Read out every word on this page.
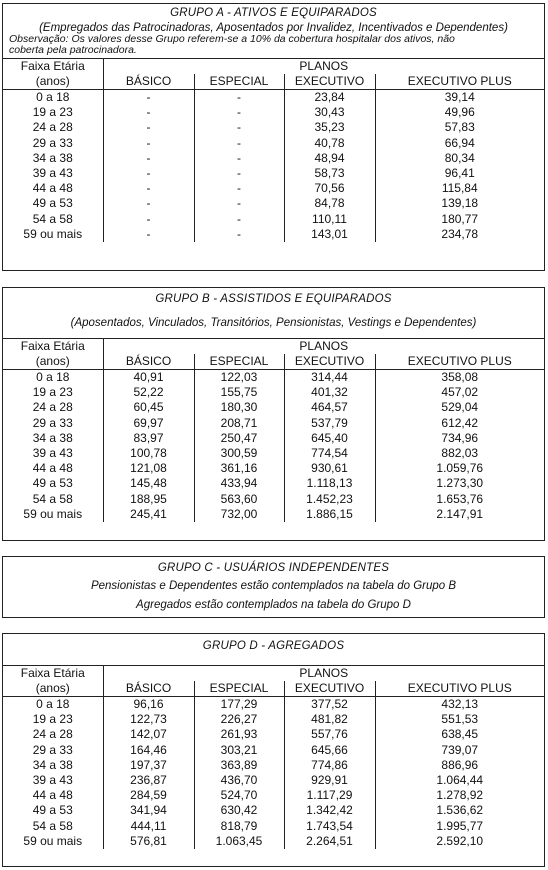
GRUPO A - ATIVOS E EQUIPARADOS
(Empregados das Patrocinadoras, Aposentados por Invalidez, Incentivados e Dependentes)
Observação: Os valores desse Grupo referem-se a 10% da cobertura hospitalar dos ativos, não
coberta pela patrocinadora.
Faixa Etária	PLANOS			
(anos)	BÁSICO	ESPECIAL	EXECUTIVO	EXECUTIVO PLUS
0 a 18	-	-	23,84	39,14
19 a 23	-	-	30,43	49,96
24 a 28	-	-	35,23	57,83
29 a 33	-	-	40,78	66,94
34 a 38	-	-	48,94	80,34
39 a 43	-	-	58,73	96,41
44 a 48	-	-	70,56	115,84
49 a 53	-	-	84,78	139,18
54 a 58	-	-	110,11	180,77
59 ou mais	-	-	143,01	234,78
GRUPO B - ASSISTIDOS E EQUIPARADOS
(Aposentados, Vinculados, Transitórios, Pensionistas, Vestings e Dependentes)
Faixa Etária	PLANOS			
(anos)	BÁSICO	ESPECIAL	EXECUTIVO	EXECUTIVO PLUS
0 a 18	40,91	122,03	314,44	358,08
19 a 23	52,22	155,75	401,32	457,02
24 a 28	60,45	180,30	464,57	529,04
29 a 33	69,97	208,71	537,79	612,42
34 a 38	83,97	250,47	645,40	734,96
39 a 43	100,78	300,59	774,54	882,03
44 a 48	121,08	361,16	930,61	1.059,76
49 a 53	145,48	433,94	1.118,13	1.273,30
54 a 58	188,95	563,60	1.452,23	1.653,76
59 ou mais	245,41	732,00	1.886,15	2.147,91
GRUPO C - USUÁRIOS INDEPENDENTES
Pensionistas e Dependentes estão contemplados na tabela do Grupo B
Agregados estão contemplados na tabela do Grupo D
GRUPO D - AGREGADOS
Faixa Etária	PLANOS			
(anos)	BÁSICO	ESPECIAL	EXECUTIVO	EXECUTIVO PLUS
0 a 18	96,16	177,29	377,52	432,13
19 a 23	122,73	226,27	481,82	551,53
24 a 28	142,07	261,93	557,76	638,45
29 a 33	164,46	303,21	645,66	739,07
34 a 38	197,37	363,89	774,86	886,96
39 a 43	236,87	436,70	929,91	1.064,44
44 a 48	284,59	524,70	1.117,29	1.278,92
49 a 53	341,94	630,42	1.342,42	1.536,62
54 a 58	444,11	818,79	1.743,54	1.995,77
59 ou mais	576,81	1.063,45	2.264,51	2.592,10
